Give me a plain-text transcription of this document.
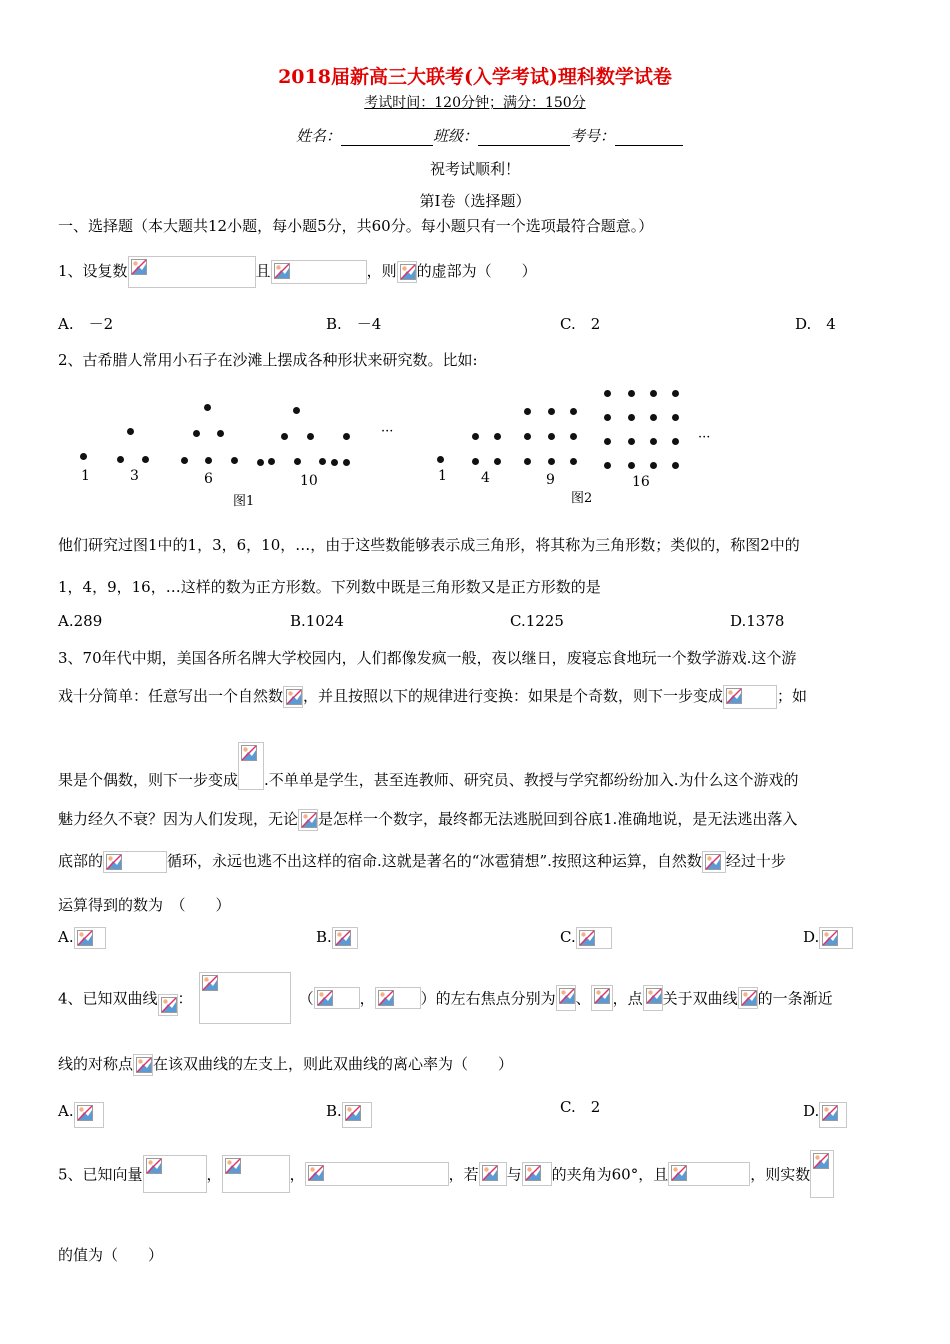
2018届新高三大联考(入学考试)理科数学试卷
考试时间：120分钟；满分：150分
姓名：	班级：	考号：
祝考试顺利！
第Ⅰ卷（选择题）
一、选择题（本大题共12小题，每小题5分，共60分。每小题只有一个选项最符合题意。）
1、设复数	且	，则 的虚部为（　　）
A.　－2	B.　－4	C.　2	D.　4
2、古希腊人常用小石子在沙滩上摆成各种形状来研究数。比如:
1	3	6	10
···
图1
1 4	9	16
···
图2
他们研究过图1中的1，3，6，10，…，由于这些数能够表示成三角形，将其称为三角形数；类似的，称图2中的
1，4，9，16，…这样的数为正方形数。下列数中既是三角形数又是正方形数的是
A.289	B.1024	C.1225	D.1378
3、70年代中期，美国各所名牌大学校园内，人们都像发疯一般，夜以继日，废寝忘食地玩一个数学游戏.这个游
戏十分简单：任意写出一个自然数 ，并且按照以下的规律进行变换：如果是个奇数，则下一步变成	；如
果是个偶数，则下一步变成 .不单单是学生，甚至连教师、研究员、教授与学究都纷纷加入.为什么这个游戏的
魅力经久不衰？因为人们发现，无论 是怎样一个数字，最终都无法逃脱回到谷底1.准确地说，是无法逃出落入
底部的	循环，永远也逃不出这样的宿命.这就是著名的“冰雹猜想”.按照这种运算，自然数 经过十步
运算得到的数为　（　　）
A.	B.	C.	D.
4、已知双曲线 ：	（	，	）的左右焦点分别为 、 ，点 关于双曲线 的一条渐近
线的对称点 在该双曲线的左支上，则此双曲线的离心率为（　　）
A.	B.	C.　2	D.
5、已知向量	，	，	，若 与 的夹角为60°，且	，则实数
的值为（　　）
